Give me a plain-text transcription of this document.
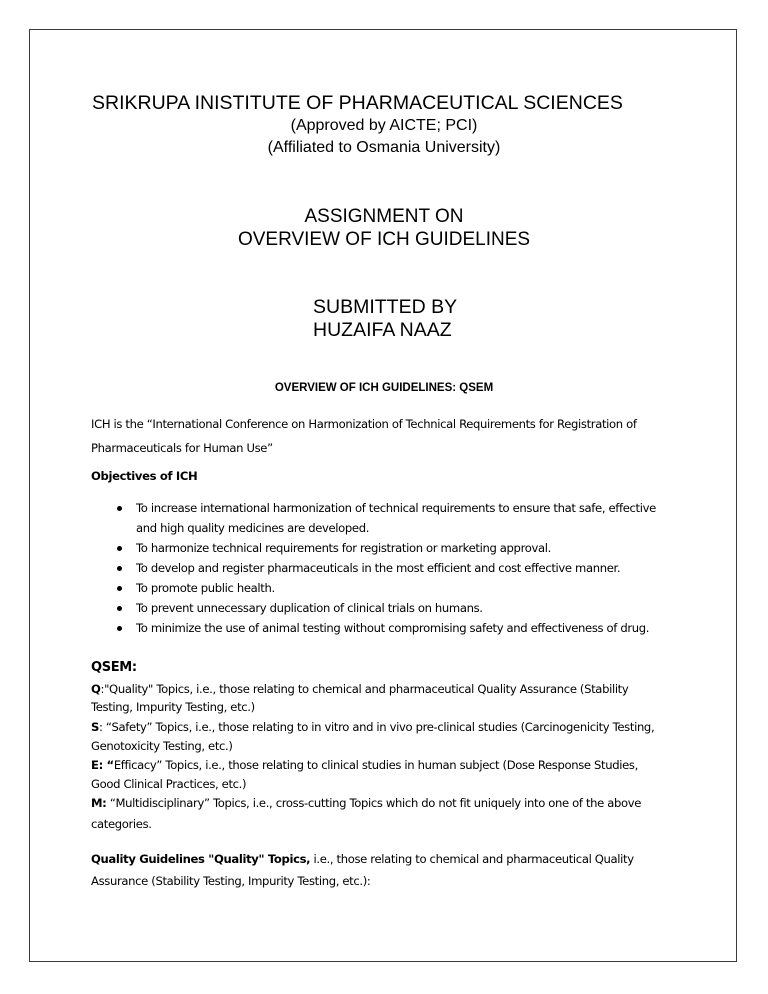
SRIKRUPA INISTITUTE OF PHARMACEUTICAL SCIENCES
(Approved by AICTE; PCI)
(Affiliated to Osmania University)
ASSIGNMENT ON
OVERVIEW OF ICH GUIDELINES
SUBMITTED BY
HUZAIFA NAAZ
OVERVIEW OF ICH GUIDELINES: QSEM
ICH is the “International Conference on Harmonization of Technical Requirements for Registration of
Pharmaceuticals for Human Use”
Objectives of ICH
To increase international harmonization of technical requirements to ensure that safe, effective
and high quality medicines are developed.
To harmonize technical requirements for registration or marketing approval.
To develop and register pharmaceuticals in the most efficient and cost effective manner.
To promote public health.
To prevent unnecessary duplication of clinical trials on humans.
To minimize the use of animal testing without compromising safety and effectiveness of drug.
QSEM:
Q:"Quality" Topics, i.e., those relating to chemical and pharmaceutical Quality Assurance (Stability
Testing, Impurity Testing, etc.)
S: “Safety” Topics, i.e., those relating to in vitro and in vivo pre-clinical studies (Carcinogenicity Testing,
Genotoxicity Testing, etc.)
E: “Efficacy” Topics, i.e., those relating to clinical studies in human subject (Dose Response Studies,
Good Clinical Practices, etc.)
M: “Multidisciplinary” Topics, i.e., cross-cutting Topics which do not fit uniquely into one of the above
categories.
Quality Guidelines "Quality" Topics, i.e., those relating to chemical and pharmaceutical Quality
Assurance (Stability Testing, Impurity Testing, etc.):
